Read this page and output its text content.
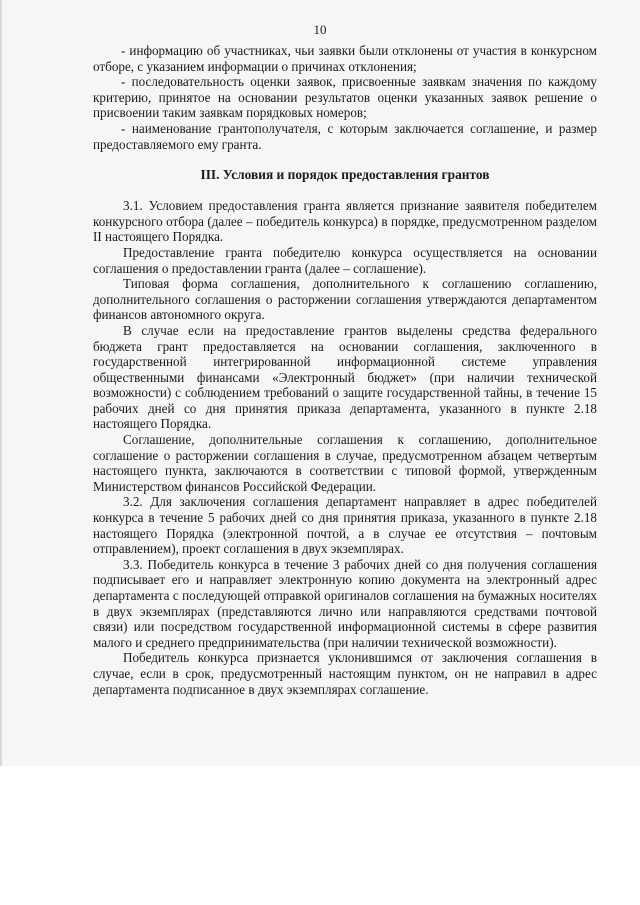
10

- информацию об участниках, чьи заявки были отклонены от участия в конкурсном отборе, с указанием информации о причинах отклонения;

- последовательность оценки заявок, присвоенные заявкам значения по каждому критерию, принятое на основании результатов оценки указанных заявок решение о присвоении таким заявкам порядковых номеров;

- наименование грантополучателя, с которым заключается соглашение, и размер предоставляемого ему гранта.

III. Условия и порядок предоставления грантов

3.1. Условием предоставления гранта является признание заявителя победителем конкурсного отбора (далее – победитель конкурса) в порядке, предусмотренном разделом II настоящего Порядка.

Предоставление гранта победителю конкурса осуществляется на основании соглашения о предоставлении гранта (далее – соглашение).

Типовая форма соглашения, дополнительного к соглашению соглашению, дополнительного соглашения о расторжении соглашения утверждаются департаментом финансов автономного округа.

В случае если на предоставление грантов выделены средства федерального бюджета грант предоставляется на основании соглашения, заключенного в государственной интегрированной информационной системе управления общественными финансами «Электронный бюджет» (при наличии технической возможности) с соблюдением требований о защите государственной тайны, в течение 15 рабочих дней со дня принятия приказа департамента, указанного в пункте 2.18 настоящего Порядка.

Соглашение, дополнительные соглашения к соглашению, дополнительное соглашение о расторжении соглашения в случае, предусмотренном абзацем четвертым настоящего пункта, заключаются в соответствии с типовой формой, утвержденным Министерством финансов Российской Федерации.

3.2. Для заключения соглашения департамент направляет в адрес победителей конкурса в течение 5 рабочих дней со дня принятия приказа, указанного в пункте 2.18 настоящего Порядка (электронной почтой, а в случае ее отсутствия – почтовым отправлением), проект соглашения в двух экземплярах.

3.3. Победитель конкурса в течение 3 рабочих дней со дня получения соглашения подписывает его и направляет электронную копию документа на электронный адрес департамента с последующей отправкой оригиналов соглашения на бумажных носителях в двух экземплярах (представляются лично или направляются средствами почтовой связи) или посредством государственной информационной системы в сфере развития малого и среднего предпринимательства (при наличии технической возможности).

Победитель конкурса признается уклонившимся от заключения соглашения в случае, если в срок, предусмотренный настоящим пунктом, он не направил в адрес департамента подписанное в двух экземплярах соглашение.
